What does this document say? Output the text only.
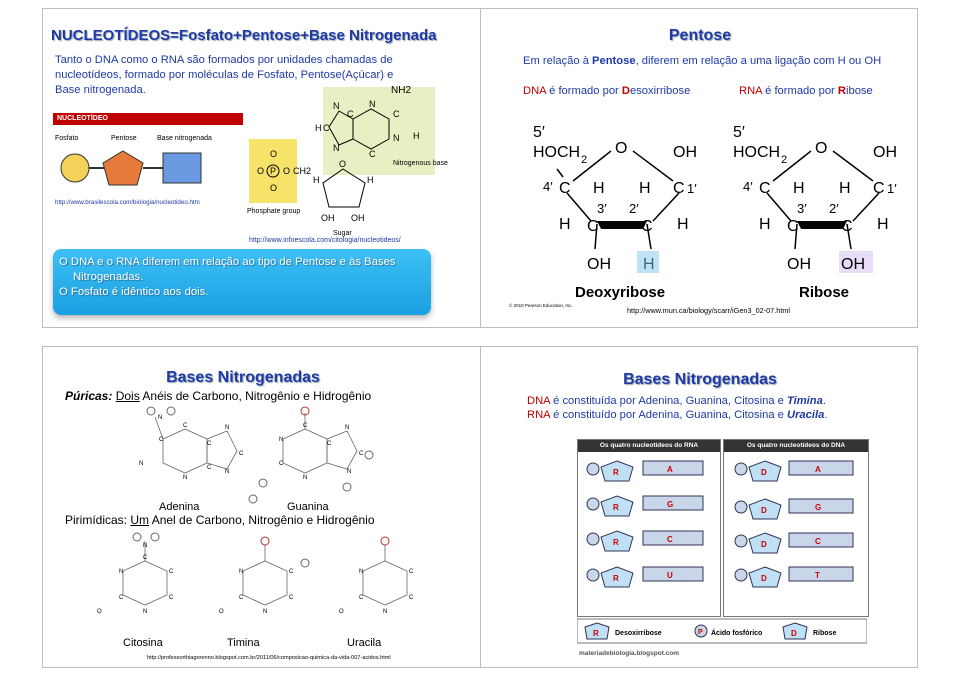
NUCLEOTÍDEOS=Fosfato+Pentose+Base Nitrogenada
Tanto o DNA como o RNA são formados por unidades chamadas de
nucleotídeos, formado por moléculas de Fosfato, Pentose(Açúcar) e
Base nitrogenada.
NUCLEOTÍDEO
Fosfato	Pentose	Base nitrogenada
NH2
N
C
N
C
C
N
C
N
H
H
P
O O
O
O
CH2
O
H	H
OH OH
Nitrogenous base
Phosphate group
Sugar
http://www.brasilescola.com/biologia/nucleotideo.htm
http://www.infoescola.com/citologia/nucleotideos/
O DNA e o RNA diferem em relação ao tipo de Pentose e às Bases
Nitrogenadas.
O Fosfato é idêntico aos dois.
Pentose
Em relação à Pentose, diferem em relação a uma ligação com H ou OH
DNA é formado por Desoxirribose	RNA é formado por Ribose
5′
HOCH 2
O	OH
4′ C H H C 1′
3′ 2′
H C	C H
OH
Deoxyribose
5′
HOCH 2
O	OH
4′ C H H C 1′
3′ 2′
H C	C H
OH OH
Ribose
© 2010 Pearson Education, Inc.
http://www.mun.ca/biology/scarr/iGen3_02-07.html
Bases Nitrogenadas
Púricas: Dois Anéis de Carbono, Nitrogênio e Hidrogênio
N
C
C
N
N
N
C
N
C
C
C
N
C
N
C
N
N
C
Adenina	Guanina
Pirimídicas: Um Anel de Carbono, Nitrogênio e Hidrogênio
N
C
N	C
C	C
N
O
N	C
C	C
N
O
N	C
C	C
N
O
Citosina	Timina	Uracila
http://professorthiagorenno.blogspot.com.br/2011/06/composicao-quimica-da-vida-007-acidos.html
Bases Nitrogenadas
DNA é constituída por Adenina, Guanina, Citosina e Timina.
RNA é constituído por Adenina, Guanina, Citosina e Uracila.
Os quatro nucleotídeos do RNA	Os quatro nucleotídeos do DNA
R	A
R	G
R	C
R	U
D	A
D	G
D	C
D	T
R Desoxirribose	P Ácido fosfórico	D Ribose
materiadebiologia.blogspot.com
